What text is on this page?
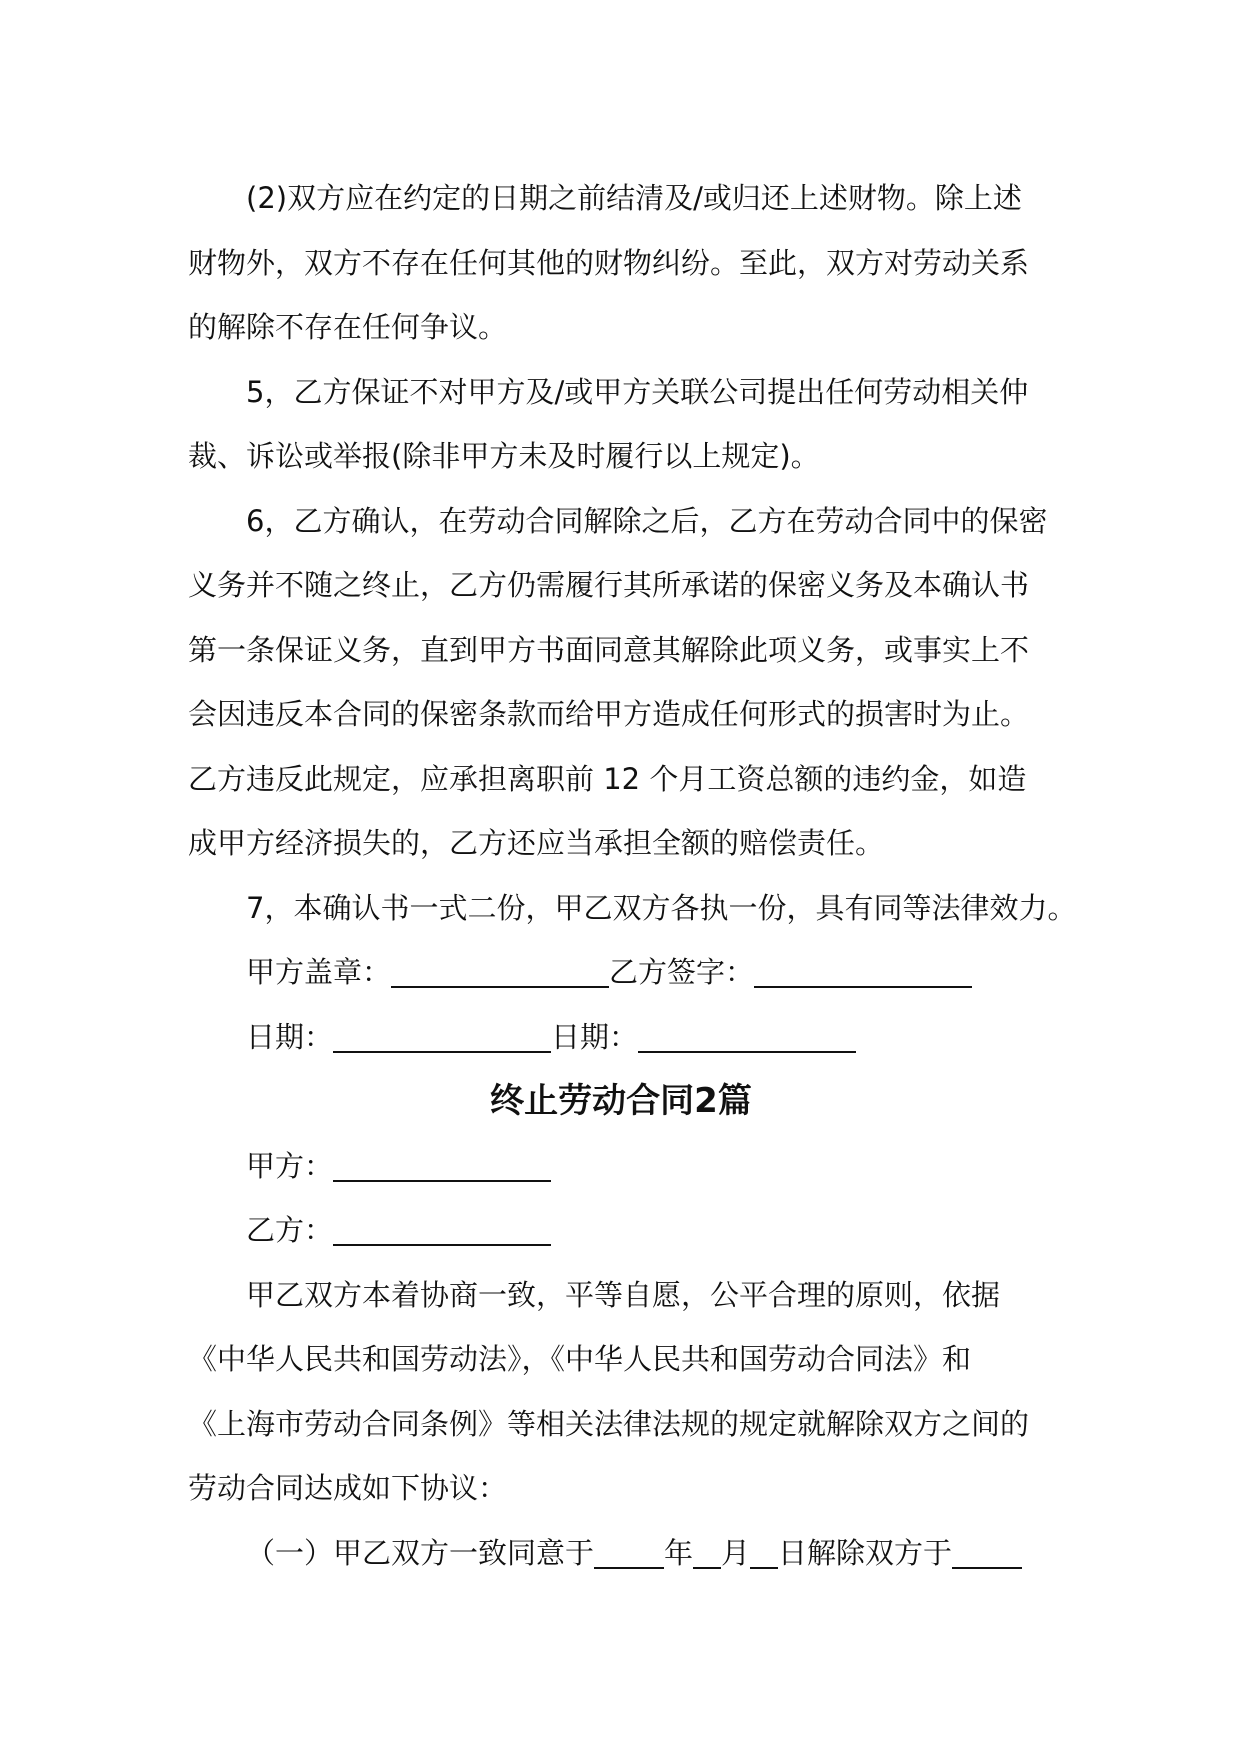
(2)双方应在约定的日期之前结清及/或归还上述财物。除上述

财物外，双方不存在任何其他的财物纠纷。至此，双方对劳动关系

的解除不存在任何争议。

5，乙方保证不对甲方及/或甲方关联公司提出任何劳动相关仲

裁、诉讼或举报(除非甲方未及时履行以上规定)。

6，乙方确认，在劳动合同解除之后，乙方在劳动合同中的保密

义务并不随之终止，乙方仍需履行其所承诺的保密义务及本确认书

第一条保证义务，直到甲方书面同意其解除此项义务，或事实上不

会因违反本合同的保密条款而给甲方造成任何形式的损害时为止。

乙方违反此规定，应承担离职前 12 个月工资总额的违约金，如造

成甲方经济损失的，乙方还应当承担全额的赔偿责任。

7，本确认书一式二份，甲乙双方各执一份，具有同等法律效力。

甲方盖章：	乙方签字：

日期：	日期：

终止劳动合同2篇

甲方：

乙方：

甲乙双方本着协商一致，平等自愿，公平合理的原则，依据

《中华人民共和国劳动法》，《中华人民共和国劳动合同法》和

《上海市劳动合同条例》等相关法律法规的规定就解除双方之间的

劳动合同达成如下协议：

（一）甲乙双方一致同意于 年 月 日解除双方于
